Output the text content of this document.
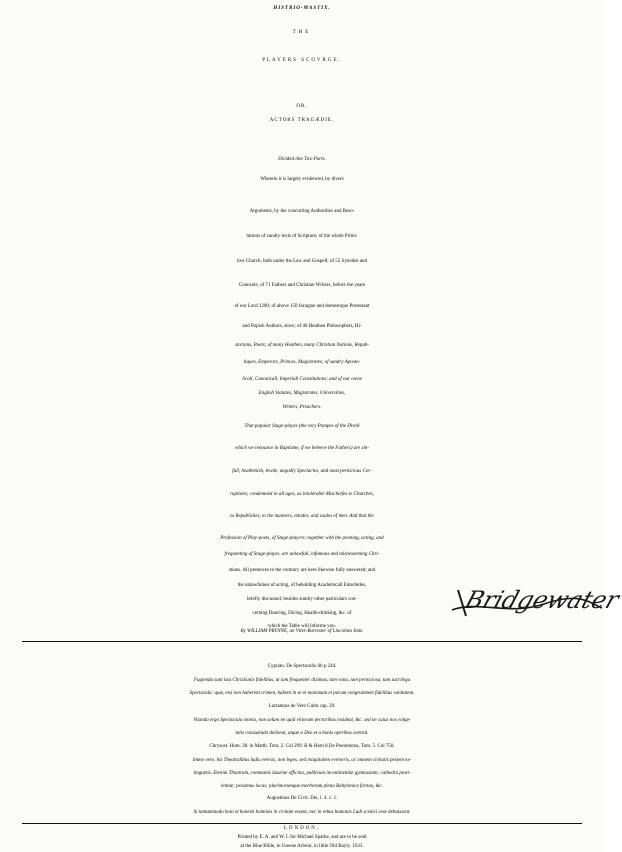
HISTRIO-MASTIX.
THE
PLAYERS SCOVRGE,
OR,
ACTORS TRAGÆDIE,
Divided into Two Parts.
Wherein it is largely evidenced, by divers
Arguments, by the concurring Authorities and Reso-
lutions of sundry texts of Scripture; of the whole Primi-
tive Church, both under the Law and Gospell; of 55 Synodes and
Councels; of 71 Fathers and Christian Writers, before the yeare
of our Lord 1200; of above 150 foraigne and domestique Protestant
and Popish Authors, since; of 40 Heathen Philosophers, Hi-
storians, Poets; of many Heathen, many Christian Nations, Repub-
liques, Emperors, Princes, Magistrates; of sundry Aposto-
licall, Canonicall, Imperiall Constitutions; and of our owne
English Statutes, Magistrates, Universities,
Writers, Preachers.
That popular Stage-playes (the very Pompes of the Divell
which we renounce in Baptisme, if we beleeve the Fathers) are sin-
full, heathenish, lewde, ungodly Spectacles, and most pernicious Cor-
ruptions; condemned in all ages, as intolerable Mischiefes to Churches,
to Republickes, to the manners, mindes, and soules of men. And that the
Profession of Play-poets, of Stage-players; together with the penning, acting, and
frequenting of Stage-playes, are unlawfull, infamous and misbeseeming Chri-
stians. All pretences to the contrary are here likewise fully answered; and
the unlawfulnes of acting, of beholding Academicall Enterludes,
briefly discussed; besides sundry other particulars con-
cerning Dancing, Dicing, Health-drinking, &c. of
which the Table will informe you.
Bridgewater
By WILLIAM PRYNNE, an Vtter-Barrester of Lincolnes Inne.
Cyprian. De Spectaculis lib p 244.
Fugienda sunt ista Christianis fidelibus, ut iam frequenter diximus, tam vana, tam perniciosa, tam sacrilega
Spectacula: quæ, etsi non haberent crimen, habent in se et maximam et parum congruentem fidelibus vanitatem.
Lactantius de Vero Cultu cap. 20.
Vitanda ergo Spectacula omnia, non solum ne quid vitiorum pectoribus insideat, &c. sed ne cuius nos volup-
tatis consuetudo delineat, atque a Deo et a bonis operibus avertat.
Chrysost. Hom. 38. in Matth. Tom. 2. Col 299. B & Hom 8 De Poenitentia, Tom. 5. Col 750.
Immo vero, his Theatralibus ludis eversis, non leges, sed iniquitatem everteris, ac omnem civitatis pestem ex-
tinguetis. Etenim Theatrum, communis luxuriæ officina, publicum incontinentiæ gymnasium; cathedra pesti-
lentiæ; pessimus locus; plurimorumque morborum plena Babylonica fornax, &c.
Augustinus De Civit. Dei, l. 4. c. 1.
Si tantummodo boni et honesti homines in civitate essent, nec in rebus humanis Ludi scenici esse debuissent.
LONDON,
Printed by E. A. and W. I. for Michael Sparke, and are to be sold
at the Blue Bible, in Greene Arbour, in little Old Bayly. 1633.
